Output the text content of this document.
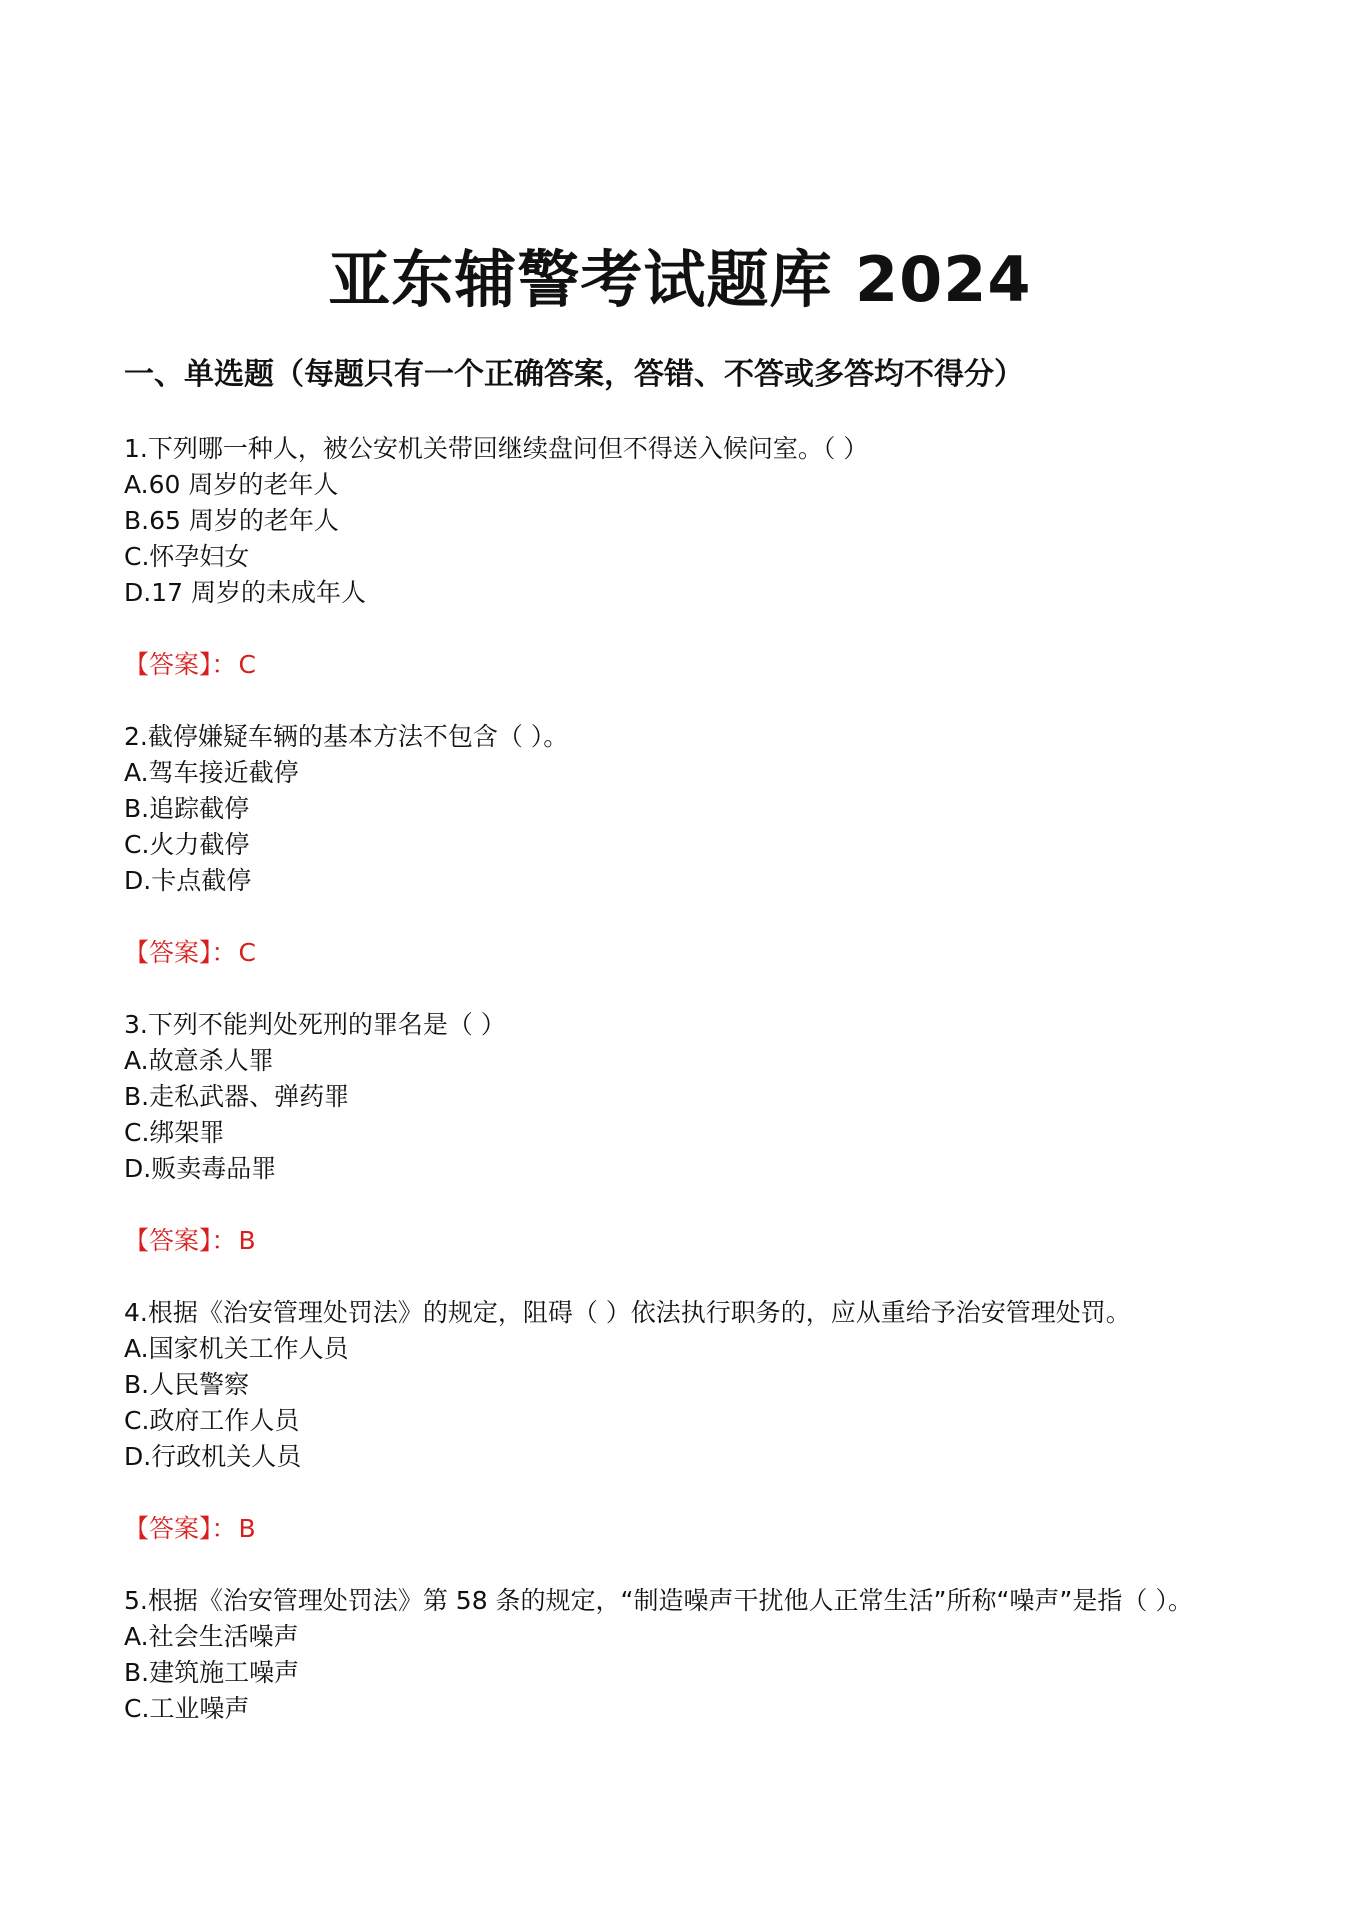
亚东辅警考试题库 2024
一、单选题（每题只有一个正确答案，答错、不答或多答均不得分）

1.下列哪一种人，被公安机关带回继续盘问但不得送入候问室。（ ）

A.60 周岁的老年人

B.65 周岁的老年人

C.怀孕妇女

D.17 周岁的未成年人

【答案】：C

2.截停嫌疑车辆的基本方法不包含（ ）。

A.驾车接近截停

B.追踪截停

C.火力截停

D.卡点截停

【答案】：C

3.下列不能判处死刑的罪名是（ ）

A.故意杀人罪

B.走私武器、弹药罪

C.绑架罪

D.贩卖毒品罪

【答案】：B

4.根据《治安管理处罚法》的规定，阻碍（ ）依法执行职务的，应从重给予治安管理处罚。

A.国家机关工作人员

B.人民警察

C.政府工作人员

D.行政机关人员

【答案】：B

5.根据《治安管理处罚法》第 58 条的规定，“制造噪声干扰他人正常生活”所称“噪声”是指（ ）。

A.社会生活噪声

B.建筑施工噪声

C.工业噪声
